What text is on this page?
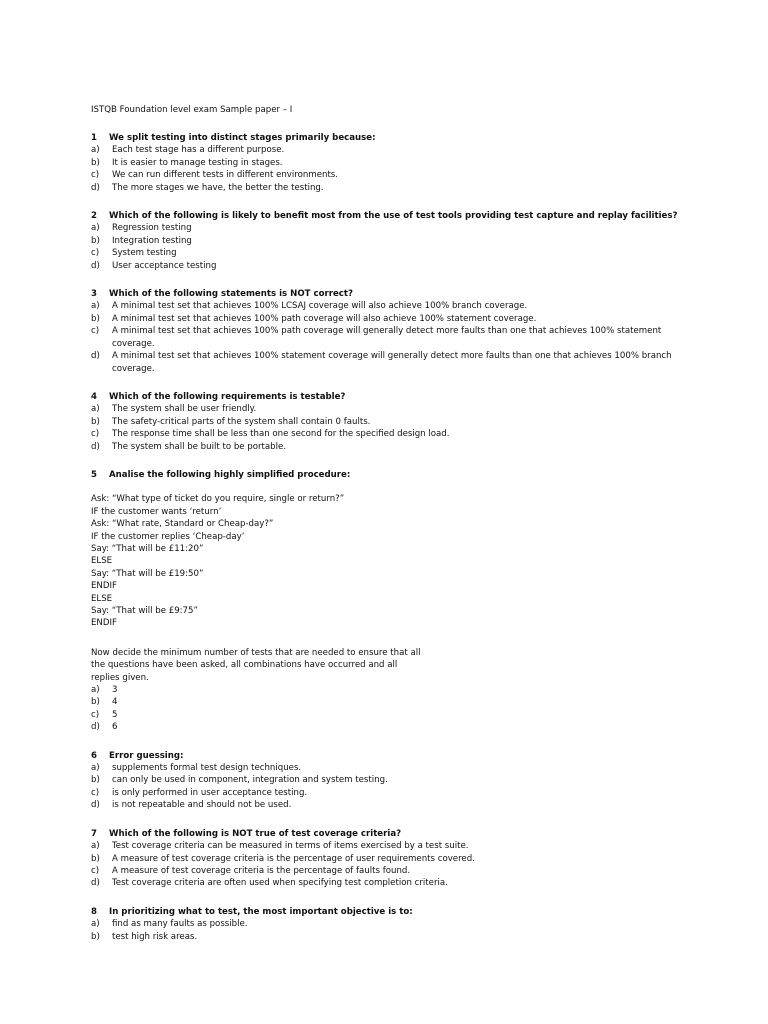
ISTQB Foundation level exam Sample paper – I
1 We split testing into distinct stages primarily because:
a)	Each test stage has a different purpose.
b)	It is easier to manage testing in stages.
c)	We can run different tests in different environments.
d)	The more stages we have, the better the testing.
2 Which of the following is likely to benefit most from the use of test tools providing test capture and replay facilities?
a)	Regression testing
b)	Integration testing
c)	System testing
d)	User acceptance testing
3 Which of the following statements is NOT correct?
a)	A minimal test set that achieves 100% LCSAJ coverage will also achieve 100% branch coverage.
b)	A minimal test set that achieves 100% path coverage will also achieve 100% statement coverage.
c)	A minimal test set that achieves 100% path coverage will generally detect more faults than one that achieves 100% statement coverage.
d)	A minimal test set that achieves 100% statement coverage will generally detect more faults than one that achieves 100% branch coverage.
4 Which of the following requirements is testable?
a)	The system shall be user friendly.
b)	The safety-critical parts of the system shall contain 0 faults.
c)	The response time shall be less than one second for the specified design load.
d)	The system shall be built to be portable.
5 Analise the following highly simplified procedure:
Ask: “What type of ticket do you require, single or return?”
IF the customer wants ‘return’
Ask: “What rate, Standard or Cheap-day?”
IF the customer replies ‘Cheap-day’
Say: “That will be £11:20”
ELSE
Say: “That will be £19:50”
ENDIF
ELSE
Say: “That will be £9:75”
ENDIF
Now decide the minimum number of tests that are needed to ensure that all the questions have been asked, all combinations have occurred and all replies given.
a)	3
b)	4
c)	5
d)	6
6 Error guessing:
a)	supplements formal test design techniques.
b)	can only be used in component, integration and system testing.
c)	is only performed in user acceptance testing.
d)	is not repeatable and should not be used.
7 Which of the following is NOT true of test coverage criteria?
a)	Test coverage criteria can be measured in terms of items exercised by a test suite.
b)	A measure of test coverage criteria is the percentage of user requirements covered.
c)	A measure of test coverage criteria is the percentage of faults found.
d)	Test coverage criteria are often used when specifying test completion criteria.
8 In prioritizing what to test, the most important objective is to:
a)	find as many faults as possible.
b)	test high risk areas.
